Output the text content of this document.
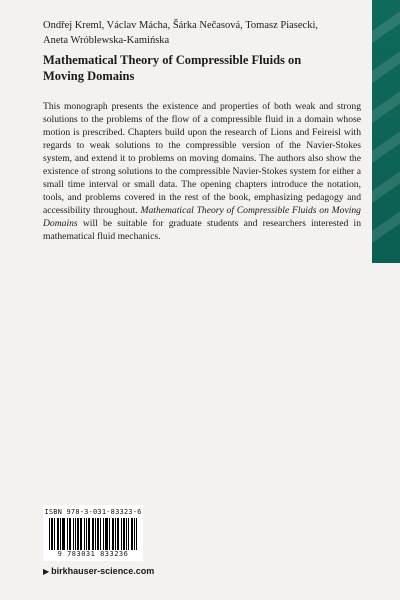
Ondřej Kreml, Václav Mácha, Šárka Nečasová, Tomasz Piasecki, Aneta Wróblewska-Kamińska
Mathematical Theory of Compressible Fluids on Moving Domains
This monograph presents the existence and properties of both weak and strong solutions to the problems of the flow of a compressible fluid in a domain whose motion is prescribed. Chapters build upon the research of Lions and Feireisl with regards to weak solutions to the compressible version of the Navier-Stokes system, and extend it to problems on moving domains. The authors also show the existence of strong solutions to the compressible Navier-Stokes system for either a small time interval or small data. The opening chapters introduce the notation, tools, and problems covered in the rest of the book, emphasizing pedagogy and accessibility throughout. Mathematical Theory of Compressible Fluids on Moving Domains will be suitable for graduate students and researchers interested in mathematical fluid mechanics.
ISBN 978-3-031-83323-6
9 783031 833236
▶ birkhauser-science.com
